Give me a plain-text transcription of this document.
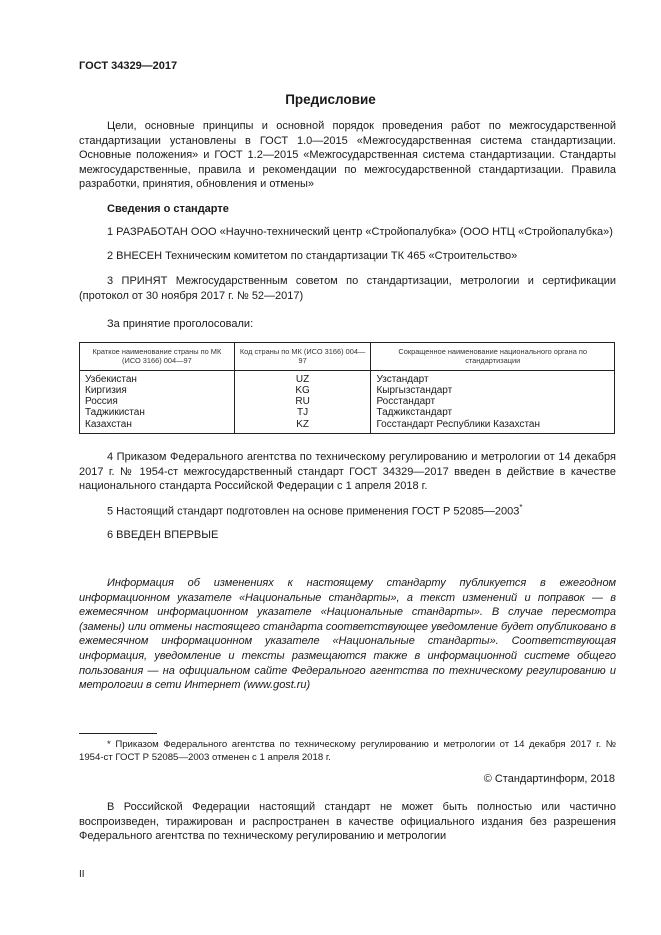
ГОСТ 34329—2017
Предисловие
Цели, основные принципы и основной порядок проведения работ по межгосударственной стандартизации установлены в ГОСТ 1.0—2015 «Межгосударственная система стандартизации. Основные положения» и ГОСТ 1.2—2015 «Межгосударственная система стандартизации. Стандарты межгосударственные, правила и рекомендации по межгосударственной стандартизации. Правила разработки, принятия, обновления и отмены»
Сведения о стандарте
1 РАЗРАБОТАН ООО «Научно-технический центр «Стройопалубка» (ООО НТЦ «Стройопалубка»)
2 ВНЕСЕН Техническим комитетом по стандартизации ТК 465 «Строительство»
3 ПРИНЯТ Межгосударственным советом по стандартизации, метрологии и сертификации (протокол от 30 ноября 2017 г. № 52—2017)
За принятие проголосовали:
Краткое наименование страны по МК (ИСО 3166) 004—97	Код страны по МК (ИСО 3166) 004—97	Сокращенное наименование национального органа по стандартизации
Узбекистан	UZ	Узстандарт
Киргизия	KG	Кыргызстандарт
Россия	RU	Росстандарт
Таджикистан	TJ	Таджикстандарт
Казахстан	KZ	Госстандарт Республики Казахстан
4 Приказом Федерального агентства по техническому регулированию и метрологии от 14 декабря 2017 г. № 1954-ст межгосударственный стандарт ГОСТ 34329—2017 введен в действие в качестве национального стандарта Российской Федерации с 1 апреля 2018 г.
5 Настоящий стандарт подготовлен на основе применения ГОСТ Р 52085—2003*
6 ВВЕДЕН ВПЕРВЫЕ
Информация об изменениях к настоящему стандарту публикуется в ежегодном информационном указателе «Национальные стандарты», а текст изменений и поправок — в ежемесячном информационном указателе «Национальные стандарты». В случае пересмотра (замены) или отмены настоящего стандарта соответствующее уведомление будет опубликовано в ежемесячном информационном указателе «Национальные стандарты». Соответствующая информация, уведомление и тексты размещаются также в информационной системе общего пользования — на официальном сайте Федерального агентства по техническому регулированию и метрологии в сети Интернет (www.gost.ru)
* Приказом Федерального агентства по техническому регулированию и метрологии от 14 декабря 2017 г. № 1954-ст ГОСТ Р 52085—2003 отменен с 1 апреля 2018 г.
© Стандартинформ, 2018
В Российской Федерации настоящий стандарт не может быть полностью или частично воспроизведен, тиражирован и распространен в качестве официального издания без разрешения Федерального агентства по техническому регулированию и метрологии
II
